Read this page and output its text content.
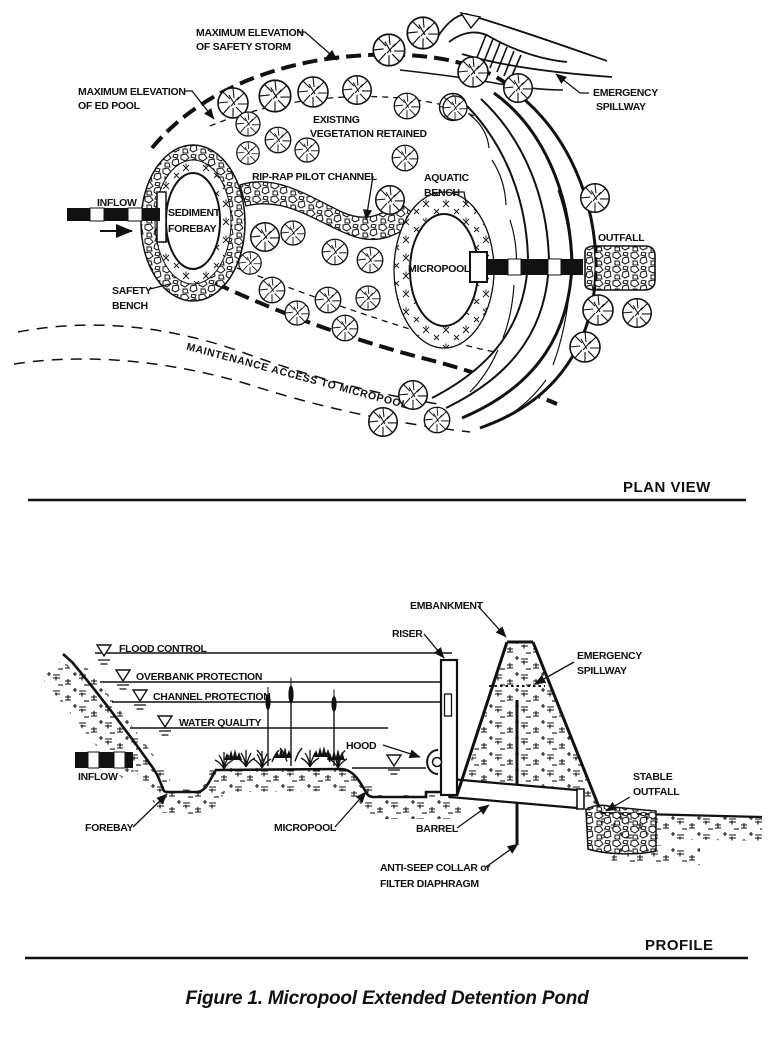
MAXIMUM ELEVATION
OF SAFETY STORM
MAXIMUM ELEVATION
OF ED POOL
EXISTING
VEGETATION RETAINED
EMERGENCY
SPILLWAY
INFLOW
SEDIMENT
FOREBAY
RIP-RAP PILOT CHANNEL	AQUATIC
BENCH
MICROPOOL
OUTFALL
SAFETY
BENCH
MAINTENANCE ACCESS TO MICROPOOL
PLAN VIEW
EMBANKMENT
RISER
EMERGENCY
SPILLWAY
FLOOD CONTROL
OVERBANK PROTECTION
CHANNEL PROTECTION
WATER QUALITY
HOOD
INFLOW
FOREBAY	MICROPOOL	BARREL
ANTI-SEEP COLLAR or
FILTER DIAPHRAGM
STABLE
OUTFALL
PROFILE
Figure 1. Micropool Extended Detention Pond
